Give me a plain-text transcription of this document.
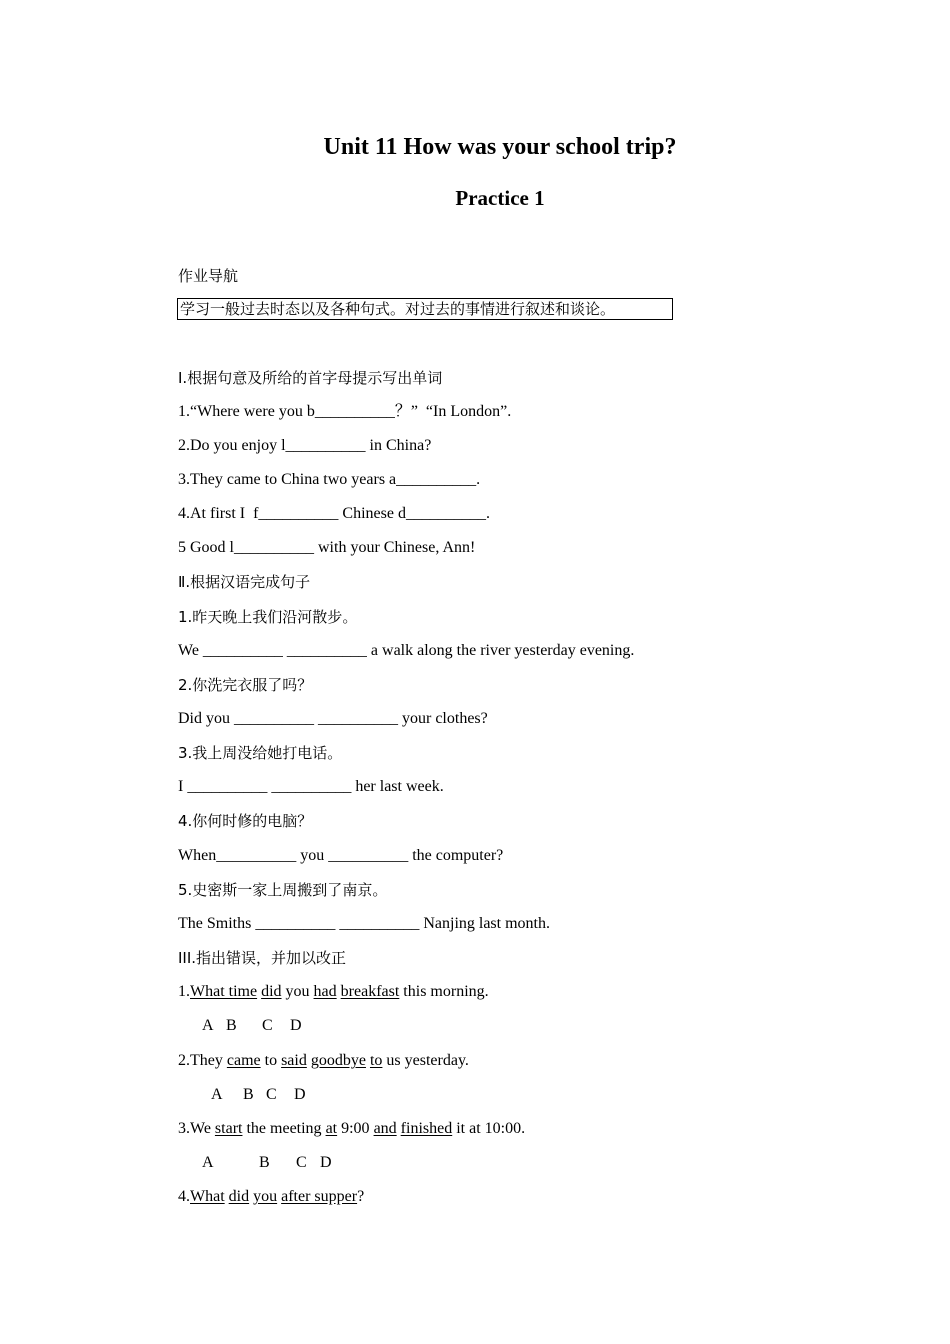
Unit 11 How was your school trip?
Practice 1
作业导航
学习一般过去时态以及各种句式。对过去的事情进行叙述和谈论。
Ⅰ.根据句意及所给的首字母提示写出单词
1.“Where were you b__________？”  “In London”.
2.Do you enjoy l__________ in China?
3.They came to China two years a__________.
4.At first I  f__________ Chinese d__________.
5 Good l__________ with your Chinese, Ann!
Ⅱ.根据汉语完成句子
1.昨天晚上我们沿河散步。
We __________ __________ a walk along the river yesterday evening.
2.你洗完衣服了吗？
Did you __________ __________ your clothes?
3.我上周没给她打电话。
I __________ __________ her last week.
4.你何时修的电脑？
When__________ you __________ the computer?
5.史密斯一家上周搬到了南京。
The Smiths __________ __________ Nanjing last month.
III.指出错误，并加以改正
1.What time did you had breakfast this morning.
A B C D
2.They came to said goodbye to us yesterday.
A B C D
3.We start the meeting at 9:00 and finished it at 10:00.
A	B C D
4.What did you after supper?
